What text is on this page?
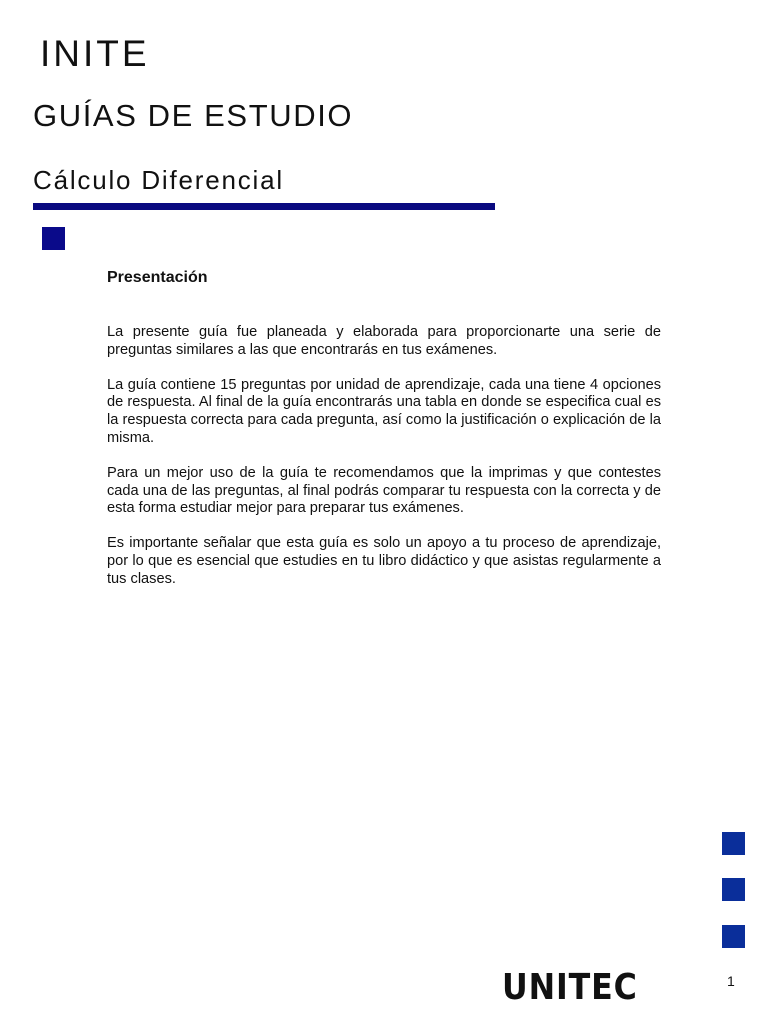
INITE
GUÍAS DE ESTUDIO
Cálculo Diferencial
Presentación

La presente guía fue planeada y elaborada para proporcionarte una serie de preguntas similares a las que encontrarás en tus exámenes.

La guía contiene 15 preguntas por unidad de aprendizaje, cada una tiene 4 opciones de respuesta. Al final de la guía encontrarás una tabla en donde se especifica cual es la respuesta correcta para cada pregunta, así como la justificación o explicación de la misma.

Para un mejor uso de la guía te recomendamos que la imprimas y que contestes cada una de las preguntas, al final podrás comparar tu respuesta con la correcta y de esta forma estudiar mejor para preparar tus exámenes.

Es importante señalar que esta guía es solo un apoyo a tu proceso de aprendizaje, por lo que es esencial que estudies en tu libro didáctico y que asistas regularmente a tus clases.

UNITEC	1
